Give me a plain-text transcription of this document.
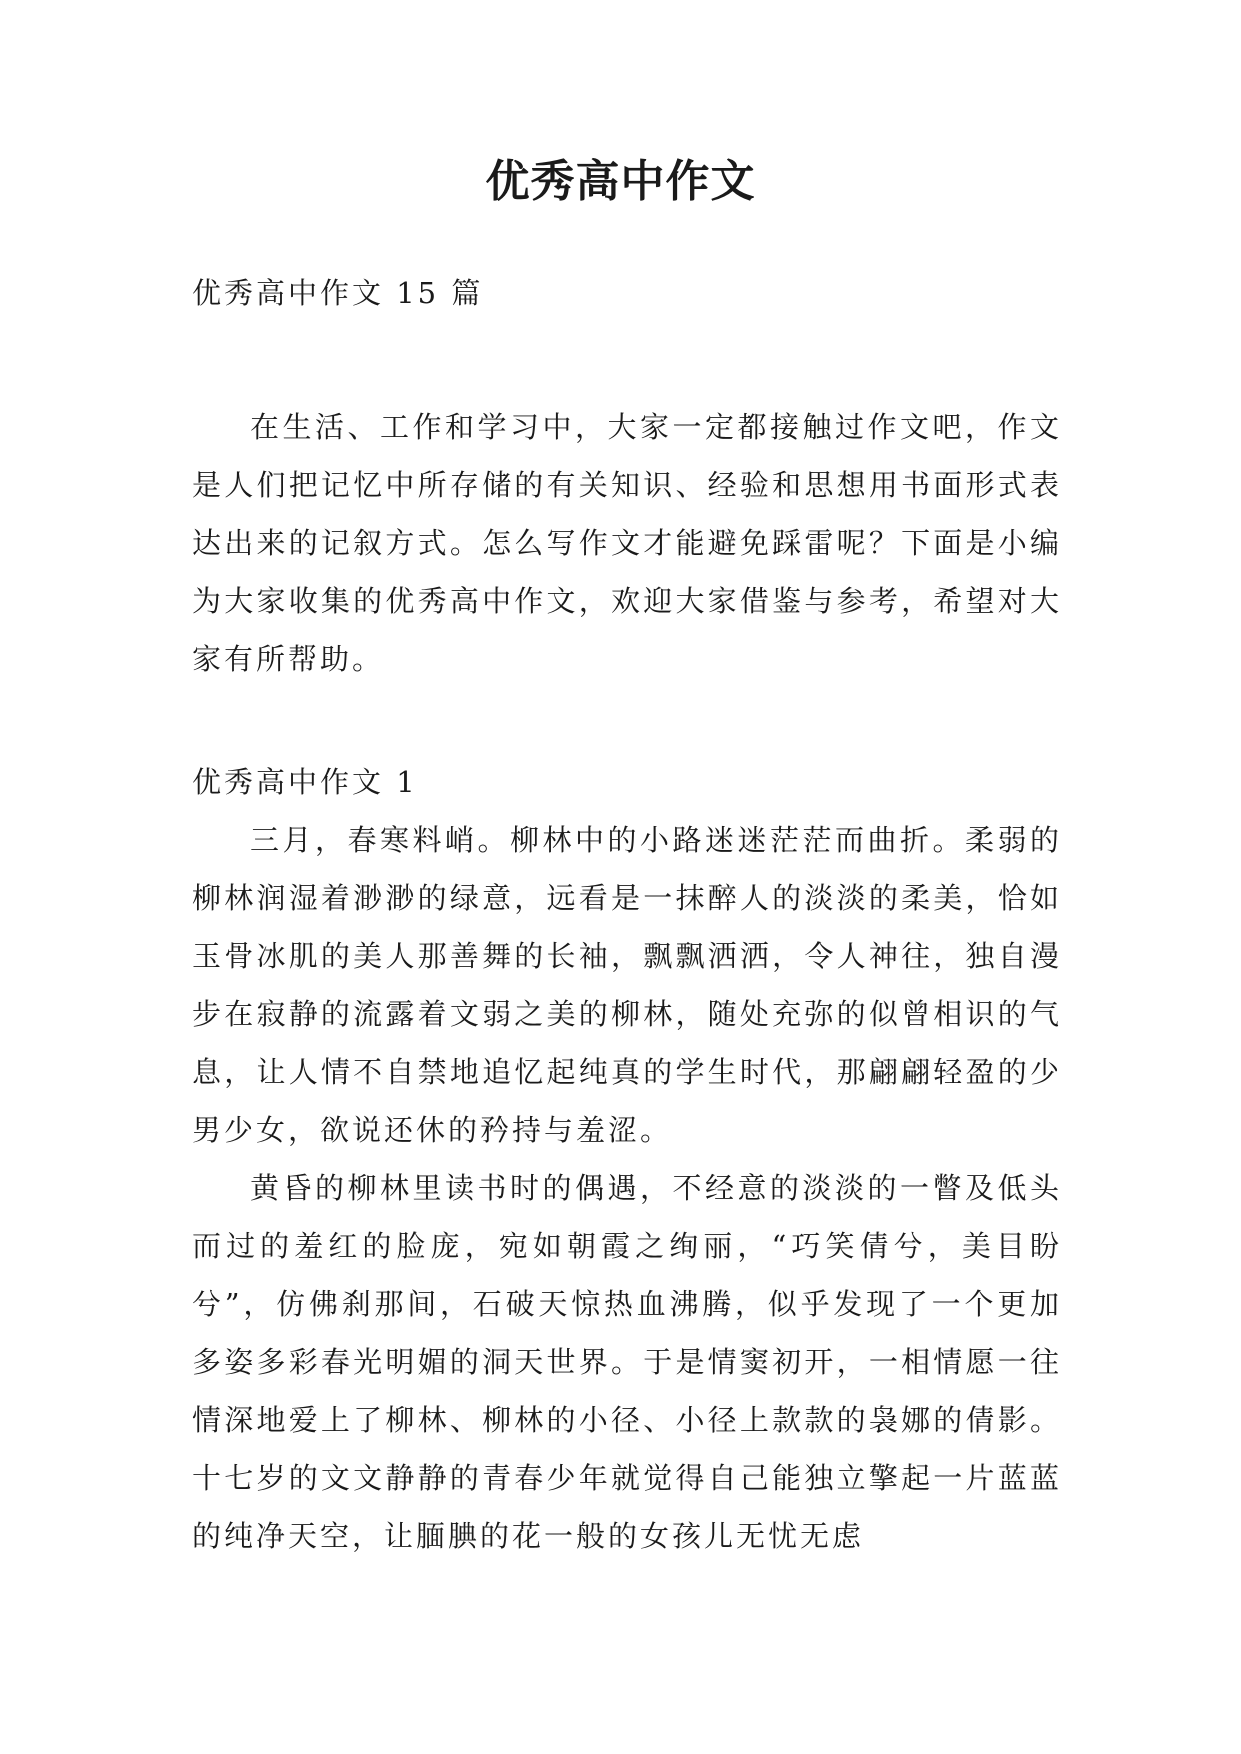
优秀高中作文

优秀高中作文 15 篇

在生活、工作和学习中，大家一定都接触过作文吧，作文是人们把记忆中所存储的有关知识、经验和思想用书面形式表达出来的记叙方式。怎么写作文才能避免踩雷呢？下面是小编为大家收集的优秀高中作文，欢迎大家借鉴与参考，希望对大家有所帮助。

优秀高中作文 1

三月，春寒料峭。柳林中的小路迷迷茫茫而曲折。柔弱的柳林润湿着渺渺的绿意，远看是一抹醉人的淡淡的柔美，恰如玉骨冰肌的美人那善舞的长袖，飘飘洒洒，令人神往，独自漫步在寂静的流露着文弱之美的柳林，随处充弥的似曾相识的气息，让人情不自禁地追忆起纯真的学生时代，那翩翩轻盈的少男少女，欲说还休的矜持与羞涩。

黄昏的柳林里读书时的偶遇，不经意的淡淡的一瞥及低头而过的羞红的脸庞，宛如朝霞之绚丽，“巧笑倩兮，美目盼兮”，仿佛刹那间，石破天惊热血沸腾，似乎发现了一个更加多姿多彩春光明媚的洞天世界。于是情窦初开，一相情愿一往情深地爱上了柳林、柳林的小径、小径上款款的袅娜的倩影。十七岁的文文静静的青春少年就觉得自己能独立擎起一片蓝蓝的纯净天空，让腼腆的花一般的女孩儿无忧无虑
